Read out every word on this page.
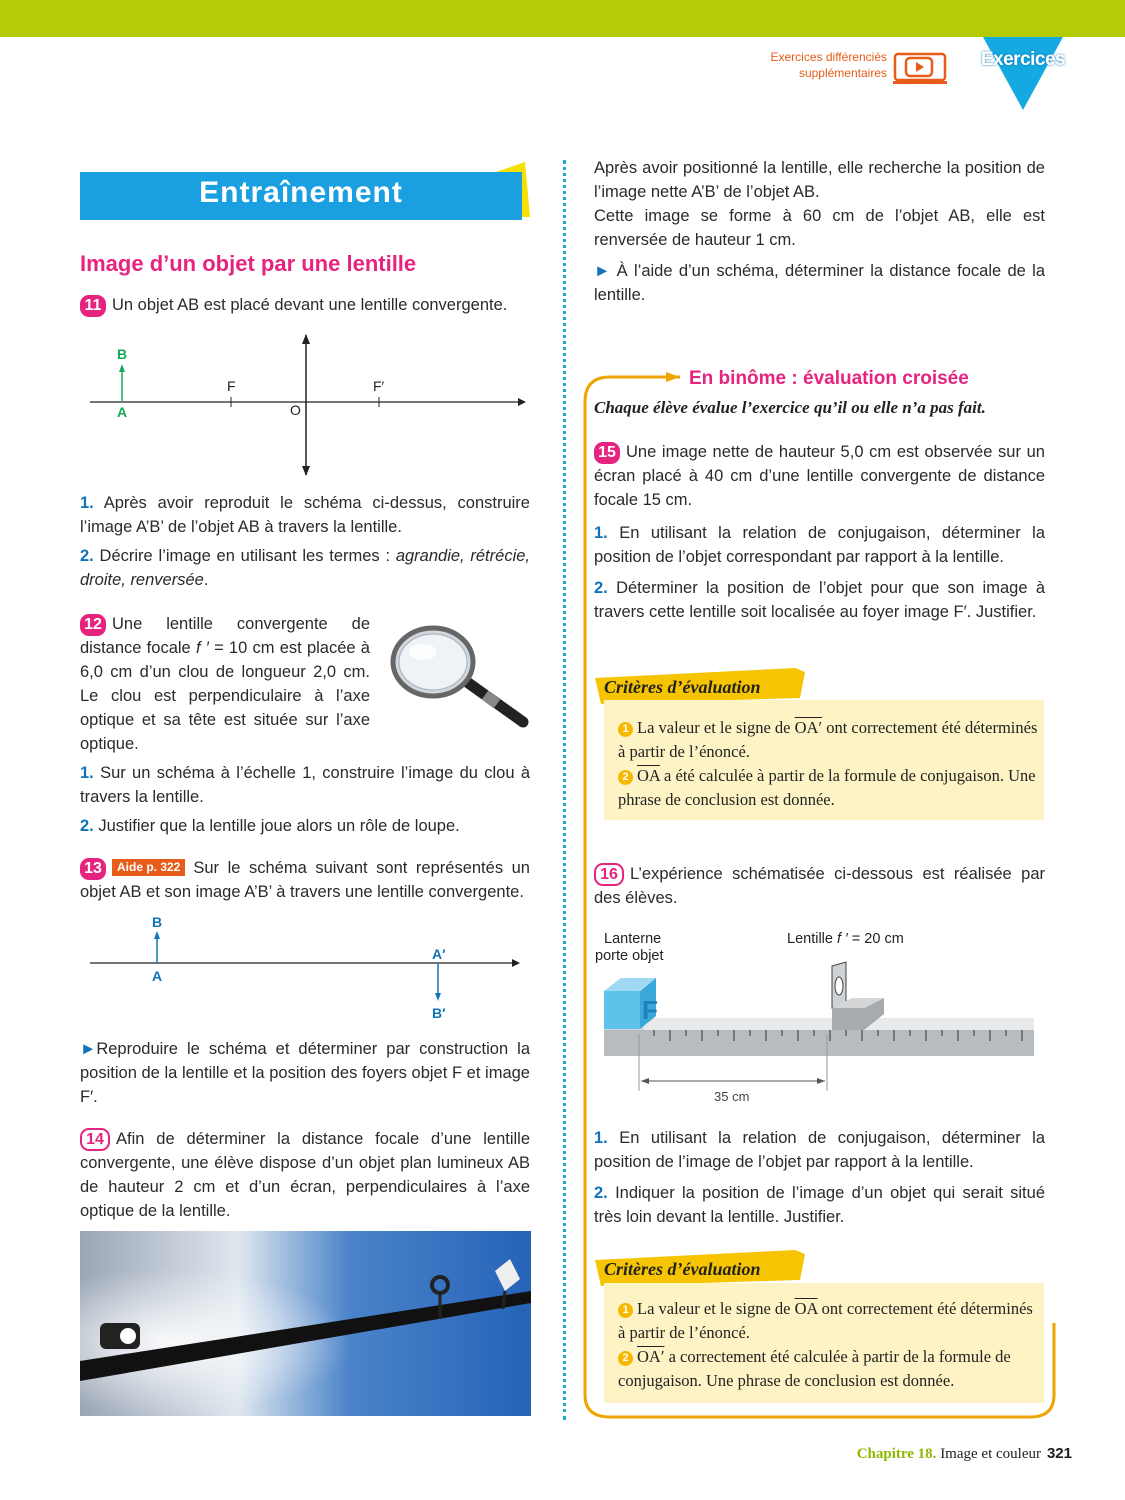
Exercices différenciés supplémentaires
Exercices
Entraînement
Image d’un objet par une lentille
11 Un objet AB est placé devant une lentille convergente.
B
A
F
O
F′
1. Après avoir reproduit le schéma ci-dessus, construire l’image A’B’ de l’objet AB à travers la lentille.
2. Décrire l’image en utilisant les termes : agrandie, rétrécie, droite, renversée.
12 Une lentille convergente de distance focale f ′ = 10 cm est placée à 6,0 cm d’un clou de longueur 2,0 cm. Le clou est perpendiculaire à l’axe optique et sa tête est située sur l’axe optique.
1. Sur un schéma à l’échelle 1, construire l’image du clou à travers la lentille.
2. Justifier que la lentille joue alors un rôle de loupe.
13 Aide p. 322 Sur le schéma suivant sont représentés un objet AB et son image A’B’ à travers une lentille convergente.
B
A
A′
B′
►Reproduire le schéma et déterminer par construction la position de la lentille et la position des foyers objet F et image F′.
14 Afin de déterminer la distance focale d’une lentille convergente, une élève dispose d’un objet plan lumineux AB de hauteur 2 cm et d’un écran, perpendiculaires à l’axe optique de la lentille.
Après avoir positionné la lentille, elle recherche la position de l’image nette A’B’ de l’objet AB.
Cette image se forme à 60 cm de l’objet AB, elle est renversée de hauteur 1 cm.
► À l’aide d’un schéma, déterminer la distance focale de la lentille.
En binôme : évaluation croisée
Chaque élève évalue l’exercice qu’il ou elle n’a pas fait.
15 Une image nette de hauteur 5,0 cm est observée sur un écran placé à 40 cm d’une lentille convergente de distance focale 15 cm.
1. En utilisant la relation de conjugaison, déterminer la position de l’objet correspondant par rapport à la lentille.
2. Déterminer la position de l’objet pour que son image à travers cette lentille soit localisée au foyer image F′. Justifier.
Critères d’évaluation
1 La valeur et le signe de OA′ ont correctement été déterminés à partir de l’énoncé.
2 $\overline{OA}$ a été calculée à partir de la formule de conjugaison. Une phrase de conclusion est donnée.
16 L’expérience schématisée ci-dessous est réalisée par des élèves.
Lanterne
porte objet
Lentille f ′ = 20 cm
F
35 cm
1. En utilisant la relation de conjugaison, déterminer la position de l’image de l’objet par rapport à la lentille.
2. Indiquer la position de l’image d’un objet qui serait situé très loin devant la lentille. Justifier.
Critères d’évaluation
1 La valeur et le signe de $\overline{OA}$ ont correctement été déterminés à partir de l’énoncé.
2 OA′ a correctement été calculée à partir de la formule de conjugaison. Une phrase de conclusion est donnée.
Chapitre 18. Image et couleur 321
